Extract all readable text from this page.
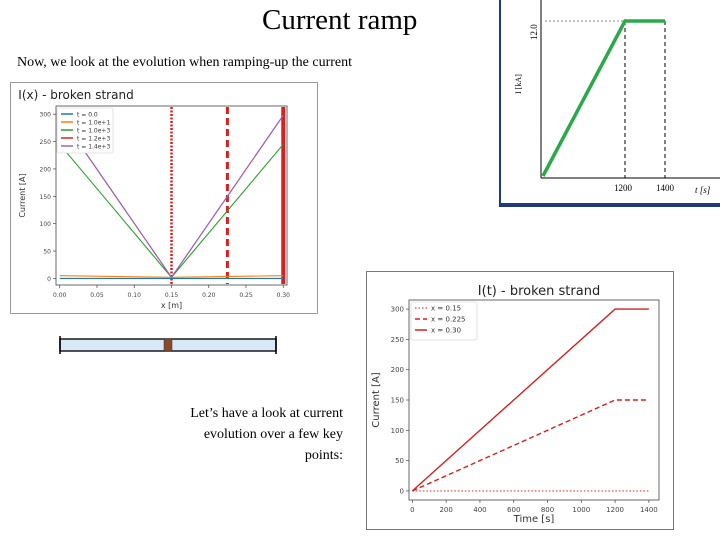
Current ramp
Now, we look at the evolution when ramping-up the current
Let’s have a look at current evolution over a few key points:
12.0
I [kA]
1200	1400 t [s]
I(x) - broken strand
0.00	0.05	0.10	0.15	0.20	0.25	0.30
0
50
100
150
200
250
300
x [m]
Current [A]
t = 0.0
t = 1.0e+1
t = 1.0e+3
t = 1.2e+3
t = 1.4e+3
I(t) - broken strand
0	200	400	600	800	1000 1200 1400
0
50
100
150
200
250
300
Time [s]
Current [A]
x = 0.15
x = 0.225
x = 0.30
